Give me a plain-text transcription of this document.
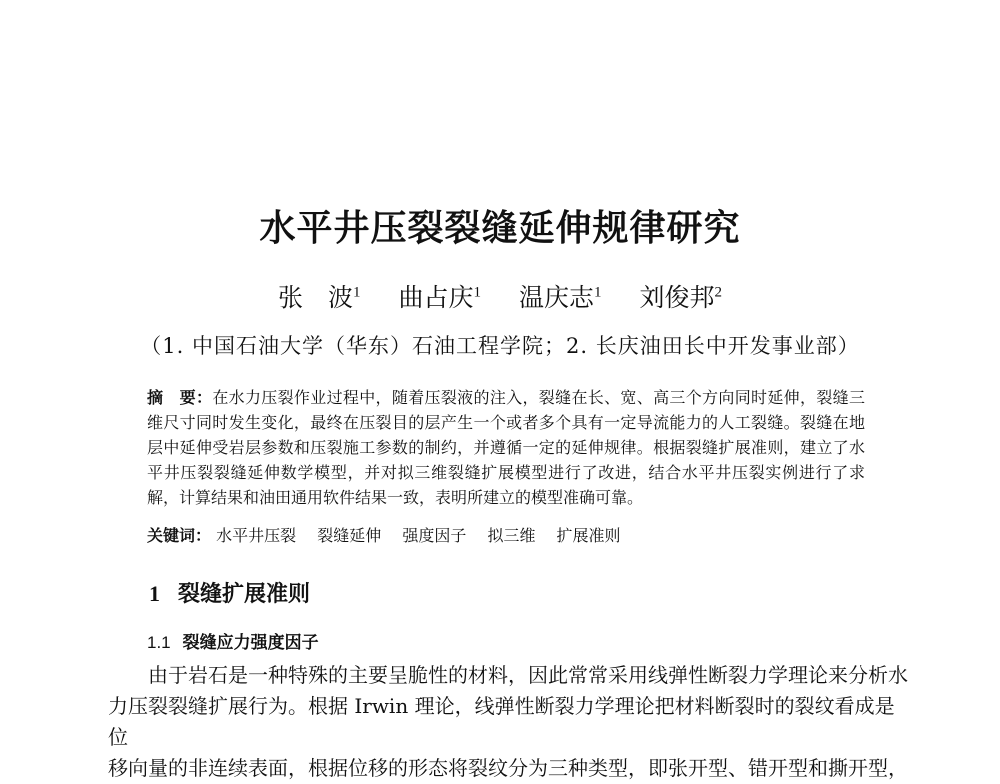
水平井压裂裂缝延伸规律研究
张　波$^1$ 曲占庆$^1$ 温庆志$^1$ 刘俊邦$^2$
（1. 中国石油大学（华东）石油工程学院；2. 长庆油田长中开发事业部）
摘　要：在水力压裂作业过程中，随着压裂液的注入，裂缝在长、宽、高三个方向同时延伸，裂缝三维尺寸同时发生变化，最终在压裂目的层产生一个或者多个具有一定导流能力的人工裂缝。裂缝在地层中延伸受岩层参数和压裂施工参数的制约，并遵循一定的延伸规律。根据裂缝扩展准则，建立了水平井压裂裂缝延伸数学模型，并对拟三维裂缝扩展模型进行了改进，结合水平井压裂实例进行了求解，计算结果和油田通用软件结果一致，表明所建立的模型准确可靠。
关键词： 水平井压裂 裂缝延伸 强度因子 拟三维 扩展准则
1 裂缝扩展准则
1.1 裂缝应力强度因子

　　由于岩石是一种特殊的主要呈脆性的材料，因此常常采用线弹性断裂力学理论来分析水

力压裂裂缝扩展行为。根据 Irwin 理论，线弹性断裂力学理论把材料断裂时的裂纹看成是位

移向量的非连续表面，根据位移的形态将裂纹分为三种类型，即张开型、错开型和撕开型，
